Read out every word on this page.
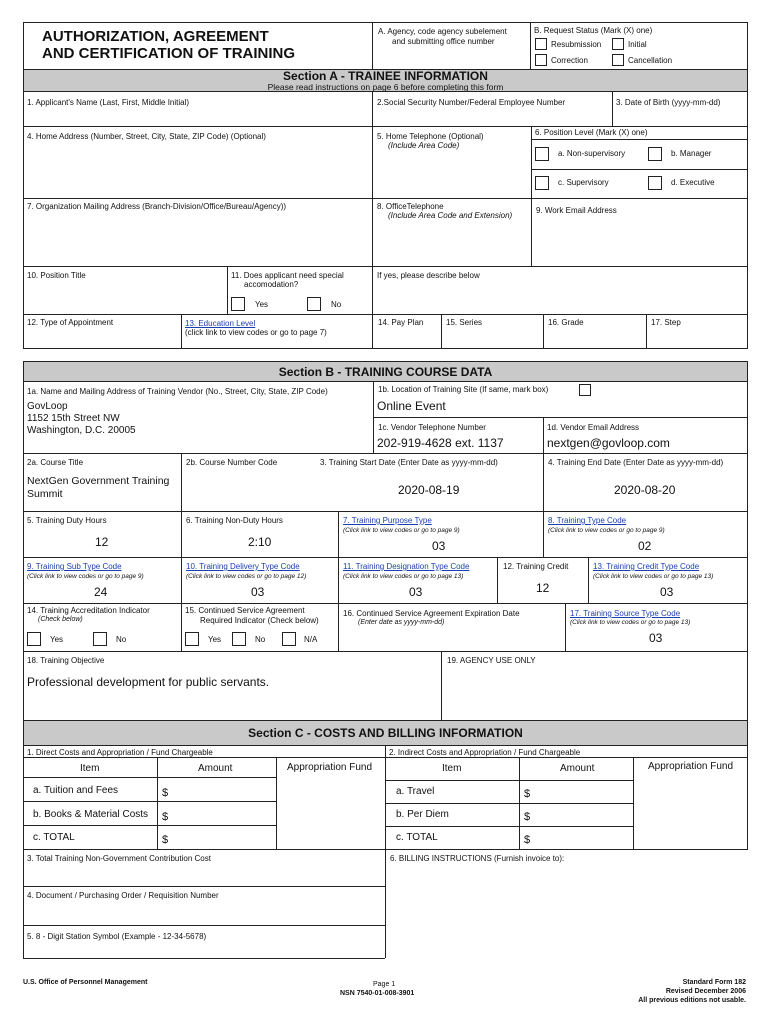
AUTHORIZATION, AGREEMENT
AND CERTIFICATION OF TRAINING
A. Agency, code agency subelement
and submitting office number
B. Request Status (Mark (X) one)
Resubmission	Initial
Correction	Cancellation
Section A - TRAINEE INFORMATION
Please read instructions on page 6 before completing this form
1. Applicant's Name (Last, First, Middle Initial)	2.Social Security Number/Federal Employee Number	3. Date of Birth (yyyy-mm-dd)
4. Home Address (Number, Street, City, State, ZIP Code) (Optional)	5. Home Telephone (Optional)
(Include Area Code)
6. Position Level (Mark (X) one)
a. Non-supervisory	b. Manager
c. Supervisory	d. Executive
7. Organization Mailing Address (Branch-Division/Office/Bureau/Agency))	8. OfficeTelephone
(Include Area Code and Extension)
9. Work Email Address
10. Position Title	11. Does applicant need special
accomodation?
Yes	No
If yes, please describe below
12. Type of Appointment	13. Education Level
(click link to view codes or go to page 7)
14. Pay Plan	15. Series	16. Grade	17. Step
Section B - TRAINING COURSE DATA
1a. Name and Mailing Address of Training Vendor (No., Street, City, State, ZIP Code)
GovLoop
1152 15th Street NW
Washington, D.C. 20005
1b. Location of Training Site (If same, mark box)
Online Event
1c. Vendor Telephone Number
202-919-4628 ext. 1137
1d. Vendor Email Address
nextgen@govloop.com
2a. Course Title
NextGen Government Training
Summit
2b. Course Number Code	3. Training Start Date (Enter Date as yyyy-mm-dd)
2020-08-19
4. Training End Date (Enter Date as yyyy-mm-dd)
2020-08-20
5. Training Duty Hours
12
6. Training Non-Duty Hours
2:10
7. Training Purpose Type
(Click link to view codes or go to page 9)
03
8. Training Type Code
(Click link to view codes or go to page 9)
02
9. Training Sub Type Code
(Click link to view codes or go to page 9)
24
10. Training Delivery Type Code
(Click link to view codes or go to page 12)
03
11. Training Designation Type Code
(Click link to view codes or go to page 13)
03
12. Training Credit
12
13. Training Credit Type Code
(Click link to view codes or go to page 13)
03
14. Training Accreditation Indicator
(Check below)
Yes	No
15. Continued Service Agreement
Required Indicator (Check below)
Yes	No	N/A
16. Continued Service Agreement Expiration Date
(Enter date as yyyy-mm-dd)
17. Training Source Type Code
(Click link to view codes or go to page 13)
03
18. Training Objective
Professional development for public servants.
19. AGENCY USE ONLY
Section C - COSTS AND BILLING INFORMATION
1. Direct Costs and Appropriation / Fund Chargeable
Item	Amount	Appropriation Fund
a. Tuition and Fees	$
b. Books & Material Costs $
c. TOTAL	$
2. Indirect Costs and Appropriation / Fund Chargeable
Item	Amount	Appropriation Fund
a. Travel	$
b. Per Diem	$
c. TOTAL	$
3. Total Training Non-Government Contribution Cost
4. Document / Purchasing Order / Requisition Number
5. 8 - Digit Station Symbol (Example - 12-34-5678)
6. BILLING INSTRUCTIONS (Furnish invoice to):
U.S. Office of Personnel Management	Page 1
NSN 7540-01-008-3901
Standard Form 182
Revised December 2006
All previous editions not usable.
